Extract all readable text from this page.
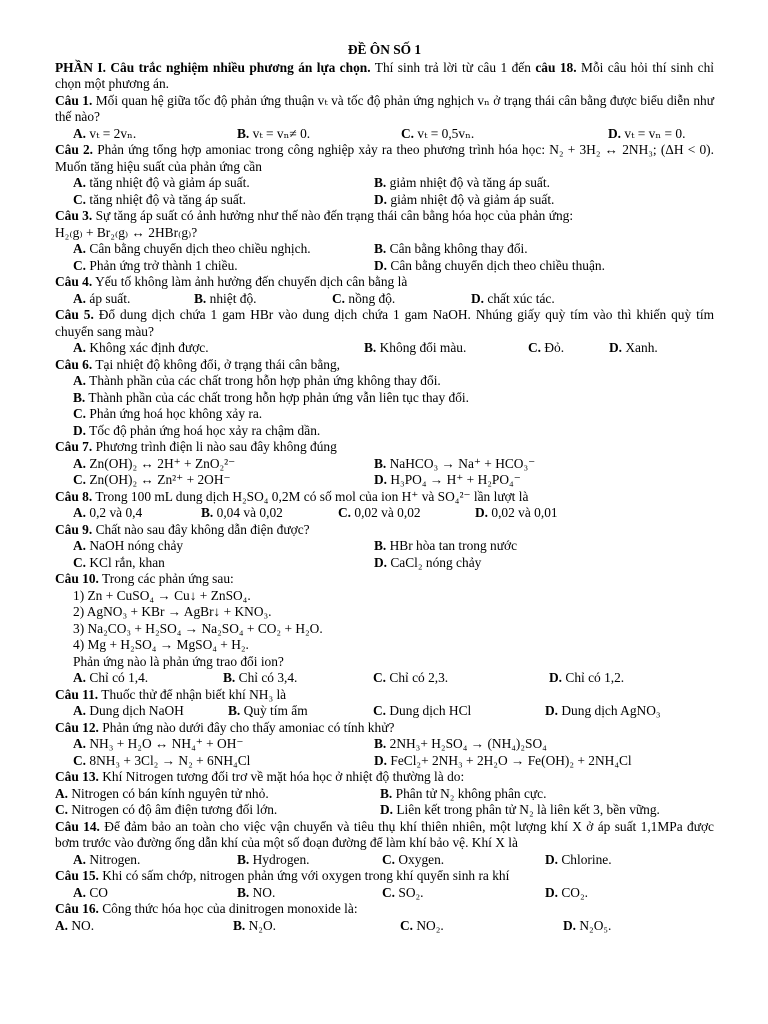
ĐỀ ÔN SỐ 1
PHẦN I. Câu trắc nghiệm nhiều phương án lựa chọn. Thí sinh trả lời từ câu 1 đến câu 18. Mỗi câu hỏi thí sinh chỉ chọn một phương án.
Câu 1. Mối quan hệ giữa tốc độ phản ứng thuận vₜ và tốc độ phản ứng nghịch vₙ ở trạng thái cân bằng được biểu diễn như thế nào?
A. vₜ = 2vₙ.	B. vₜ = vₙ≠ 0.	C. vₜ = 0,5vₙ.	D. vₜ = vₙ = 0.
Câu 2. Phản ứng tổng hợp amoniac trong công nghiệp xảy ra theo phương trình hóa học: N₂ + 3H₂ ↔ 2NH₃; (ΔH < 0). Muốn tăng hiệu suất của phản ứng cần
A. tăng nhiệt độ và giảm áp suất.	B. giảm nhiệt độ và tăng áp suất.
C. tăng nhiệt độ và tăng áp suất.	D. giảm nhiệt độ và giảm áp suất.
Câu 3. Sự tăng áp suất có ảnh hưởng như thế nào đến trạng thái cân bằng hóa học của phản ứng:
H₂₍g₎ + Br₂₍g₎ ↔ 2HBr₍g₎?
A. Cân bằng chuyển dịch theo chiều nghịch.	B. Cân bằng không thay đổi.
C. Phản ứng trở thành 1 chiều.	D. Cân bằng chuyển dịch theo chiều thuận.
Câu 4. Yếu tố không làm ảnh hưởng đến chuyển dịch cân bằng là
A. áp suất.	B. nhiệt độ.	C. nồng độ.	D. chất xúc tác.
Câu 5. Đổ dung dịch chứa 1 gam HBr vào dung dịch chứa 1 gam NaOH. Nhúng giấy quỳ tím vào thì khiến quỳ tím chuyển sang màu?
A. Không xác định được.	B. Không đổi màu.	C. Đỏ.	D. Xanh.
Câu 6. Tại nhiệt độ không đổi, ở trạng thái cân bằng,
A. Thành phần của các chất trong hỗn hợp phản ứng không thay đổi.
B. Thành phần của các chất trong hỗn hợp phản ứng vẫn liên tục thay đổi.
C. Phản ứng hoá học không xảy ra.
D. Tốc độ phản ứng hoá học xảy ra chậm dần.
Câu 7. Phương trình điện li nào sau đây không đúng
A. Zn(OH)₂ ↔ 2H⁺ + ZnO₂²⁻	B. NaHCO₃ → Na⁺ + HCO₃⁻
C. Zn(OH)₂ ↔ Zn²⁺ + 2OH⁻	D. H₃PO₄ → H⁺ + H₂PO₄⁻
Câu 8. Trong 100 mL dung dịch H₂SO₄ 0,2M có số mol của ion H⁺ và SO₄²⁻ lần lượt là
A. 0,2 và 0,4	B. 0,04 và 0,02	C. 0,02 và 0,02	D. 0,02 và 0,01
Câu 9. Chất nào sau đây không dẫn điện được?
A. NaOH nóng chảy	B. HBr hòa tan trong nước
C. KCl rắn, khan	D. CaCl₂ nóng chảy
Câu 10. Trong các phản ứng sau:
1) Zn + CuSO₄ → Cu↓ + ZnSO₄.
2) AgNO₃ + KBr → AgBr↓ + KNO₃.
3) Na₂CO₃ + H₂SO₄ → Na₂SO₄ + CO₂ + H₂O.
4) Mg + H₂SO₄ → MgSO₄ + H₂.
Phản ứng nào là phản ứng trao đổi ion?
A. Chỉ có 1,4.	B. Chỉ có 3,4.	C. Chỉ có 2,3.	D. Chỉ có 1,2.
Câu 11. Thuốc thử để nhận biết khí NH₃ là
A. Dung dịch NaOH	B. Quỳ tím ẩm	C. Dung dịch HCl	D. Dung dịch AgNO₃
Câu 12. Phản ứng nào dưới đây cho thấy amoniac có tính khử?
A. NH₃ + H₂O ↔ NH₄⁺ + OH⁻	B. 2NH₃+ H₂SO₄ → (NH₄)₂SO₄
C. 8NH₃ + 3Cl₂ → N₂ + 6NH₄Cl	D. FeCl₂+ 2NH₃ + 2H₂O → Fe(OH)₂ + 2NH₄Cl
Câu 13. Khí Nitrogen tương đối trơ về mặt hóa học ở nhiệt độ thường là do:
A. Nitrogen có bán kính nguyên tử nhỏ.	B. Phân tử N₂ không phân cực.
C. Nitrogen có độ âm điện tương đối lớn.	D. Liên kết trong phân tử N₂ là liên kết 3, bền vững.
Câu 14. Để đảm bảo an toàn cho việc vận chuyển và tiêu thụ khí thiên nhiên, một lượng khí X ở áp suất 1,1MPa được bơm trước vào đường ống dẫn khí của một số đoạn đường để làm khí bảo vệ. Khí X là
A. Nitrogen.	B. Hydrogen.	C. Oxygen.	D. Chlorine.
Câu 15. Khi có sấm chớp, nitrogen phản ứng với oxygen trong khí quyển sinh ra khí
A. CO	B. NO.	C. SO₂.	D. CO₂.
Câu 16. Công thức hóa học của dinitrogen monoxide là:
A. NO.	B. N₂O.	C. NO₂.	D. N₂O₅.
